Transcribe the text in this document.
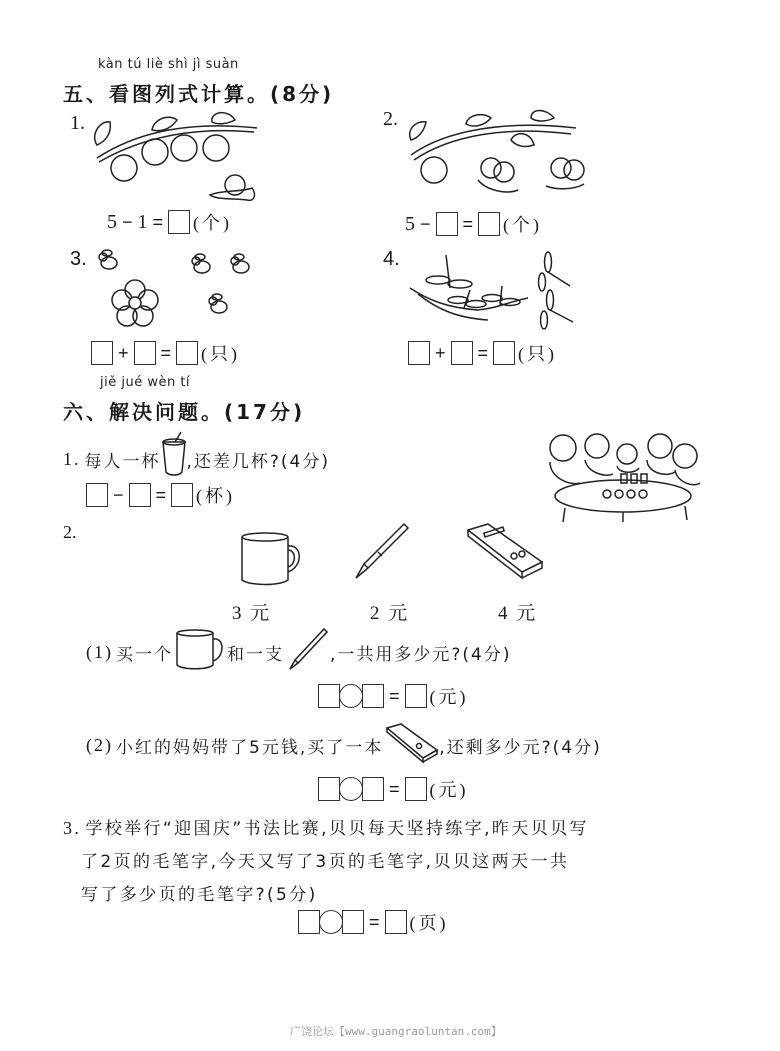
kàn tú liè shì jì suàn
五、看图列式计算。(8分)
1.
5 − 1 = (个)
2.
5 − = (个)
3.
+ = (只)
4.
+ = (只)
jiě jué wèn tí
六、解决问题。(17分)
1. 每人一杯 ,还差几杯?(4分)
− = (杯)
2.
3 元	2 元	4 元
(1) 买一个	和一支	,一共用多少元?(4分)
= (元)
(2) 小红的妈妈带了5元钱,买了一本	,还剩多少元?(4分)
= (元)
3. 学校举行“迎国庆”书法比赛,贝贝每天坚持练字,昨天贝贝写
了2页的毛笔字,今天又写了3页的毛笔字,贝贝这两天一共
写了多少页的毛笔字?(5分)
= (页)
广饶论坛【www.guangraoluntan.com】
